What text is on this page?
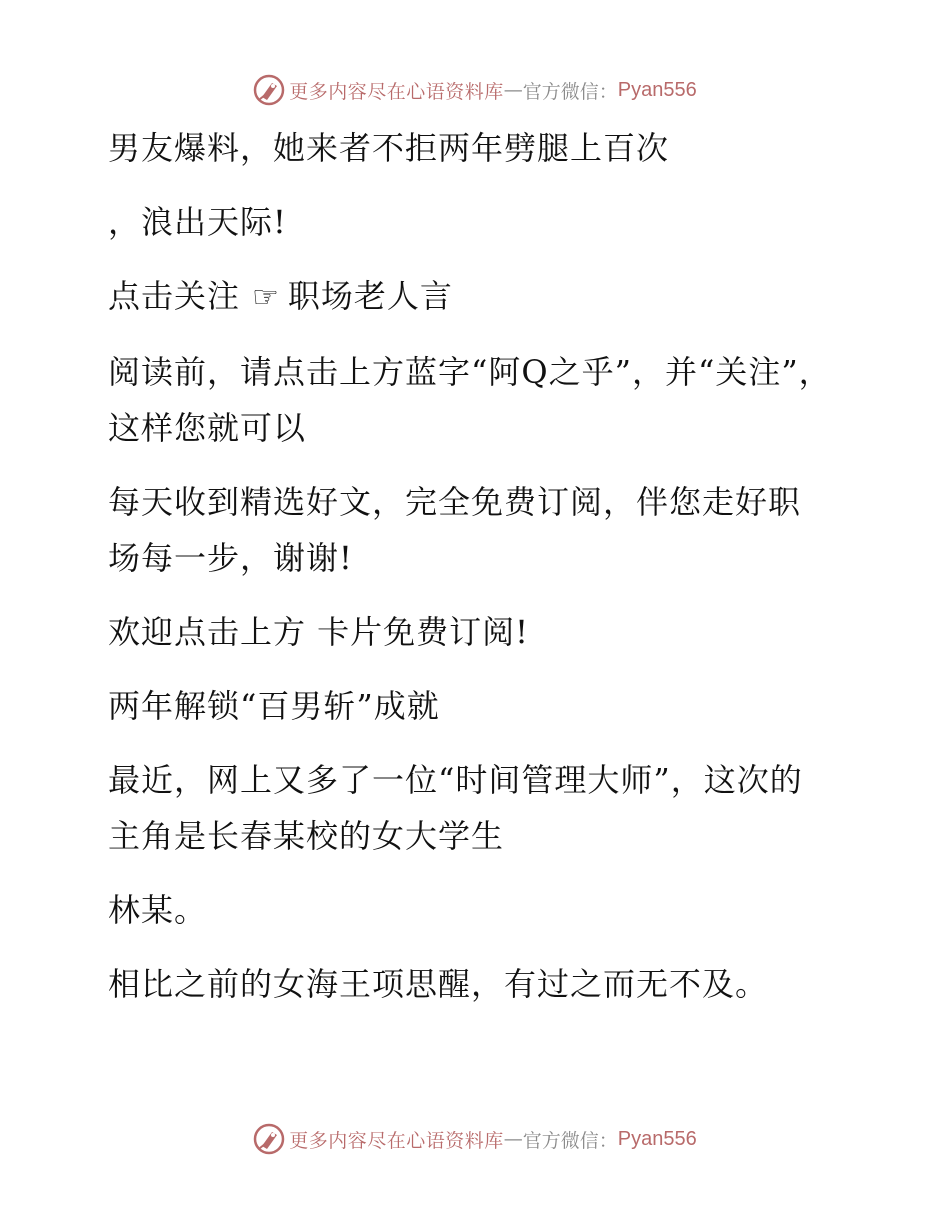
更多内容尽在心语资料库 — 官方微信： Pyan556

男友爆料，她来者不拒两年劈腿上百次

，浪出天际!

点击关注 ☞ 职场老人言

阅读前，请点击上方蓝字“阿Q之乎”，并“关注”，这样您就可以

每天收到精选好文，完全免费订阅，伴您走好职场每一步，谢谢!

欢迎点击上方 卡片免费订阅!

两年解锁“百男斩”成就

最近，网上又多了一位“时间管理大师”，这次的主角是长春某校的女大学生

林某。

相比之前的女海王项思醒，有过之而无不及。

更多内容尽在心语资料库 — 官方微信： Pyan556
